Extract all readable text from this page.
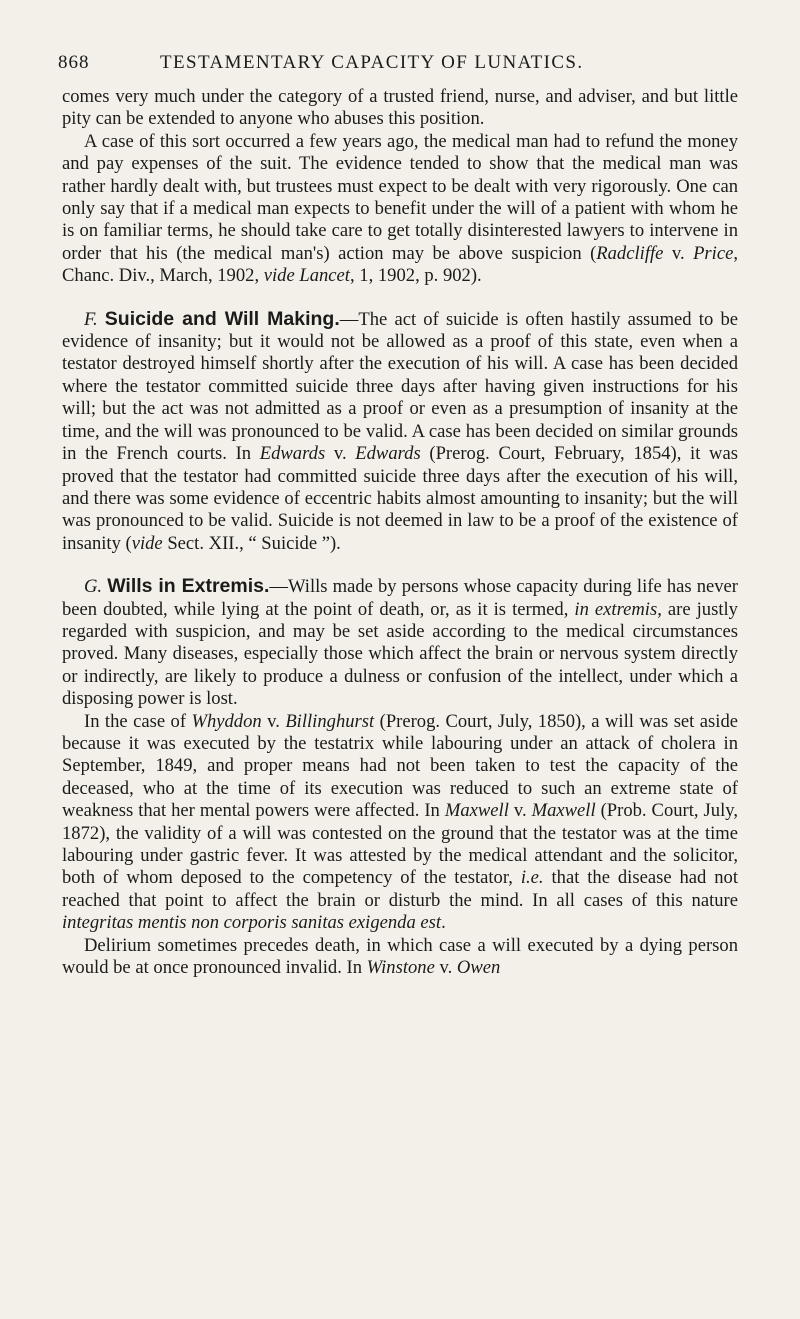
868	TESTAMENTARY CAPACITY OF LUNATICS.

comes very much under the category of a trusted friend, nurse, and adviser, and but little pity can be extended to anyone who abuses this position.

A case of this sort occurred a few years ago, the medical man had to refund the money and pay expenses of the suit. The evidence tended to show that the medical man was rather hardly dealt with, but trustees must expect to be dealt with very rigorously. One can only say that if a medical man expects to benefit under the will of a patient with whom he is on familiar terms, he should take care to get totally disinterested lawyers to intervene in order that his (the medical man's) action may be above suspicion (Radcliffe v. Price, Chanc. Div., March, 1902, vide Lancet, 1, 1902, p. 902).

F. Suicide and Will Making.—The act of suicide is often hastily assumed to be evidence of insanity; but it would not be allowed as a proof of this state, even when a testator destroyed himself shortly after the execution of his will. A case has been decided where the testator committed suicide three days after having given instructions for his will; but the act was not admitted as a proof or even as a presumption of insanity at the time, and the will was pronounced to be valid. A case has been decided on similar grounds in the French courts. In Edwards v. Edwards (Prerog. Court, February, 1854), it was proved that the testator had committed suicide three days after the execution of his will, and there was some evidence of eccentric habits almost amounting to insanity; but the will was pronounced to be valid. Suicide is not deemed in law to be a proof of the existence of insanity (vide Sect. XII., “ Suicide ”).

G. Wills in Extremis.—Wills made by persons whose capacity during life has never been doubted, while lying at the point of death, or, as it is termed, in extremis, are justly regarded with suspicion, and may be set aside according to the medical circumstances proved. Many diseases, especially those which affect the brain or nervous system directly or indirectly, are likely to produce a dulness or confusion of the intellect, under which a disposing power is lost.

In the case of Whyddon v. Billinghurst (Prerog. Court, July, 1850), a will was set aside because it was executed by the testatrix while labouring under an attack of cholera in September, 1849, and proper means had not been taken to test the capacity of the deceased, who at the time of its execution was reduced to such an extreme state of weakness that her mental powers were affected. In Maxwell v. Maxwell (Prob. Court, July, 1872), the validity of a will was contested on the ground that the testator was at the time labouring under gastric fever. It was attested by the medical attendant and the solicitor, both of whom deposed to the competency of the testator, i.e. that the disease had not reached that point to affect the brain or disturb the mind. In all cases of this nature integritas mentis non corporis sanitas exigenda est.

Delirium sometimes precedes death, in which case a will executed by a dying person would be at once pronounced invalid. In Winstone v. Owen
